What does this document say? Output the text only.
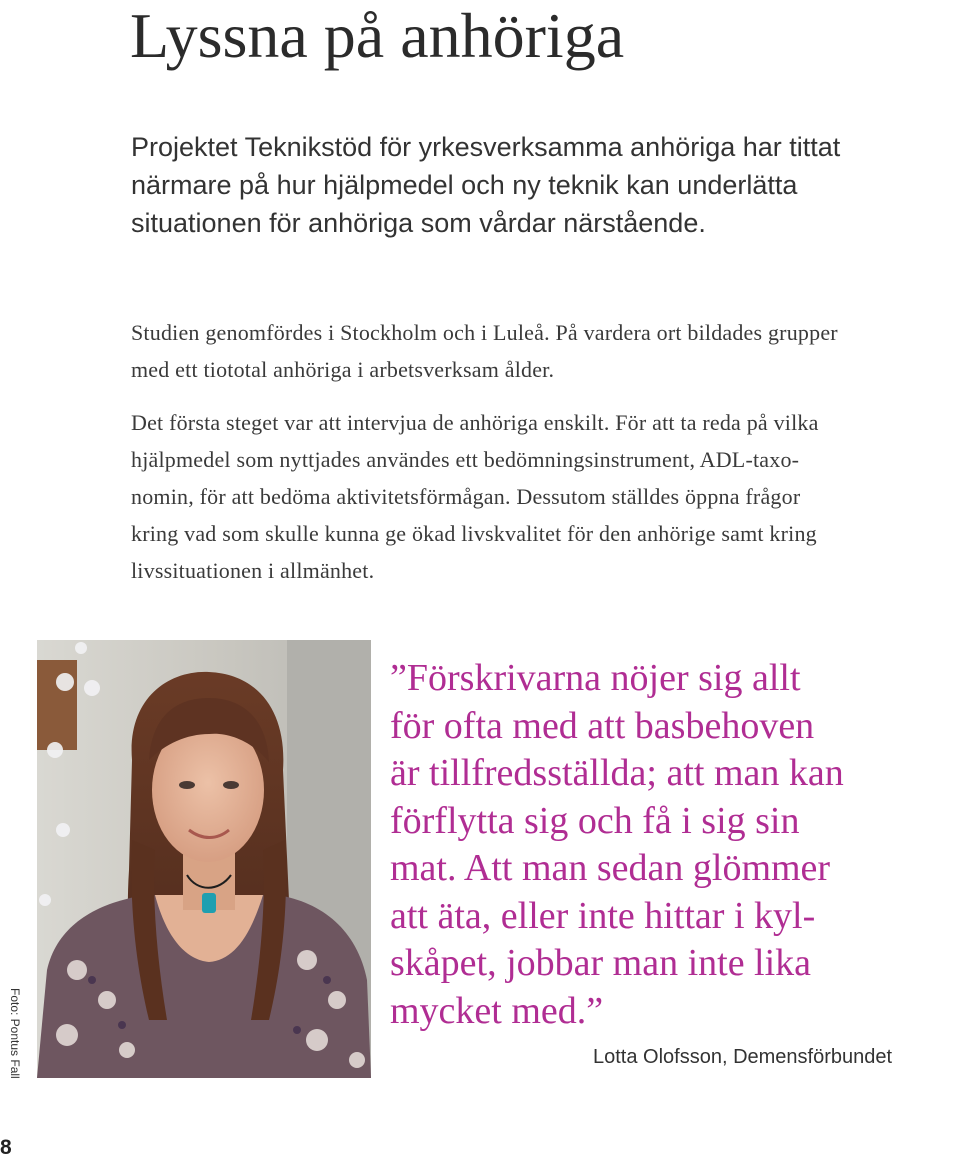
Lyssna på anhöriga
Projektet Teknikstöd för yrkesverksamma anhöriga har tittat
närmare på hur hjälpmedel och ny teknik kan underlätta
situationen för anhöriga som vårdar närstående.
Studien genomfördes i Stockholm och i Luleå. På vardera ort bildades grupper
med ett tiototal anhöriga i arbetsverksam ålder.
Det första steget var att intervjua de anhöriga enskilt. För att ta reda på vilka
hjälpmedel som nyttjades användes ett bedömningsinstrument, ADL-taxo-
nomin, för att bedöma aktivitetsförmågan. Dessutom ställdes öppna frågor
kring vad som skulle kunna ge ökad livskvalitet för den anhörige samt kring
livssituationen i allmänhet.
Foto: Pontus Fall
”Förskrivarna nöjer sig allt
för ofta med att basbehoven
är tillfredsställda; att man kan
förflytta sig och få i sig sin
mat. Att man sedan glömmer
att äta, eller inte hittar i kyl-
skåpet, jobbar man inte lika
mycket med.”
Lotta Olofsson, Demensförbundet
8
